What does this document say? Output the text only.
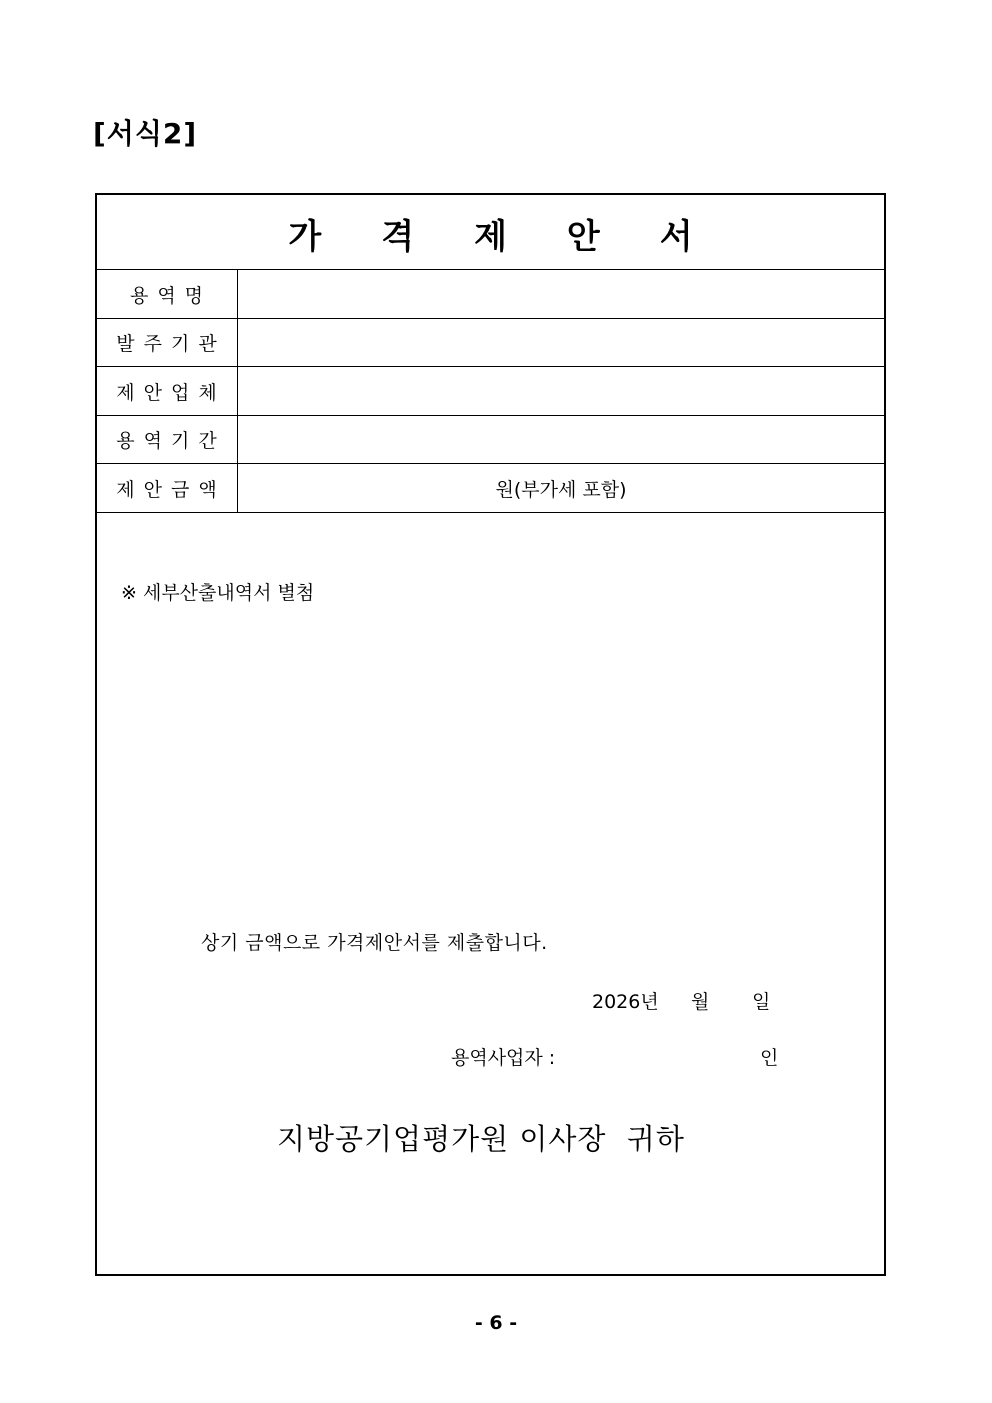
[서식2]
가격제안서
용역명
발주기관
제안업체
용역기간
제안금액	원(부가세 포함)
※ 세부산출내역서 별첨
상기 금액으로 가격제안서를 제출합니다.
2026년 월 일
용역사업자 :	인
지방공기업평가원 이사장  귀하
- 6 -
